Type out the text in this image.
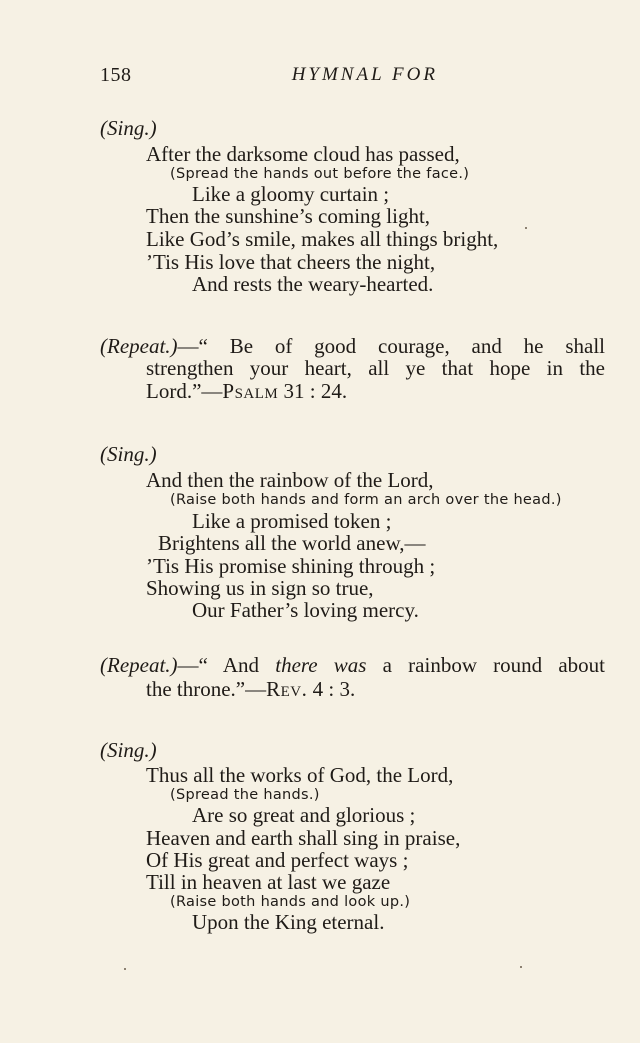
158	HYMNAL FOR
(Sing.)
After the darksome cloud has passed,
(Spread the hands out before the face.)
Like a gloomy curtain ;
Then the sunshine’s coming light,
Like God’s smile, makes all things bright,
’Tis His love that cheers the night,
And rests the weary-hearted.
(Repeat.)—“ Be of good courage, and he shall
strengthen your heart, all ye that hope in the
Lord.”—Psalm 31 : 24.
(Sing.)
And then the rainbow of the Lord,
(Raise both hands and form an arch over the head.)
Like a promised token ;
Brightens all the world anew,—
’Tis His promise shining through ;
Showing us in sign so true,
Our Father’s loving mercy.
(Repeat.)—“ And there was a rainbow round about
the throne.”—Rev. 4 : 3.
(Sing.)
Thus all the works of God, the Lord,
(Spread the hands.)
Are so great and glorious ;
Heaven and earth shall sing in praise,
Of His great and perfect ways ;
Till in heaven at last we gaze
(Raise both hands and look up.)
Upon the King eternal.
